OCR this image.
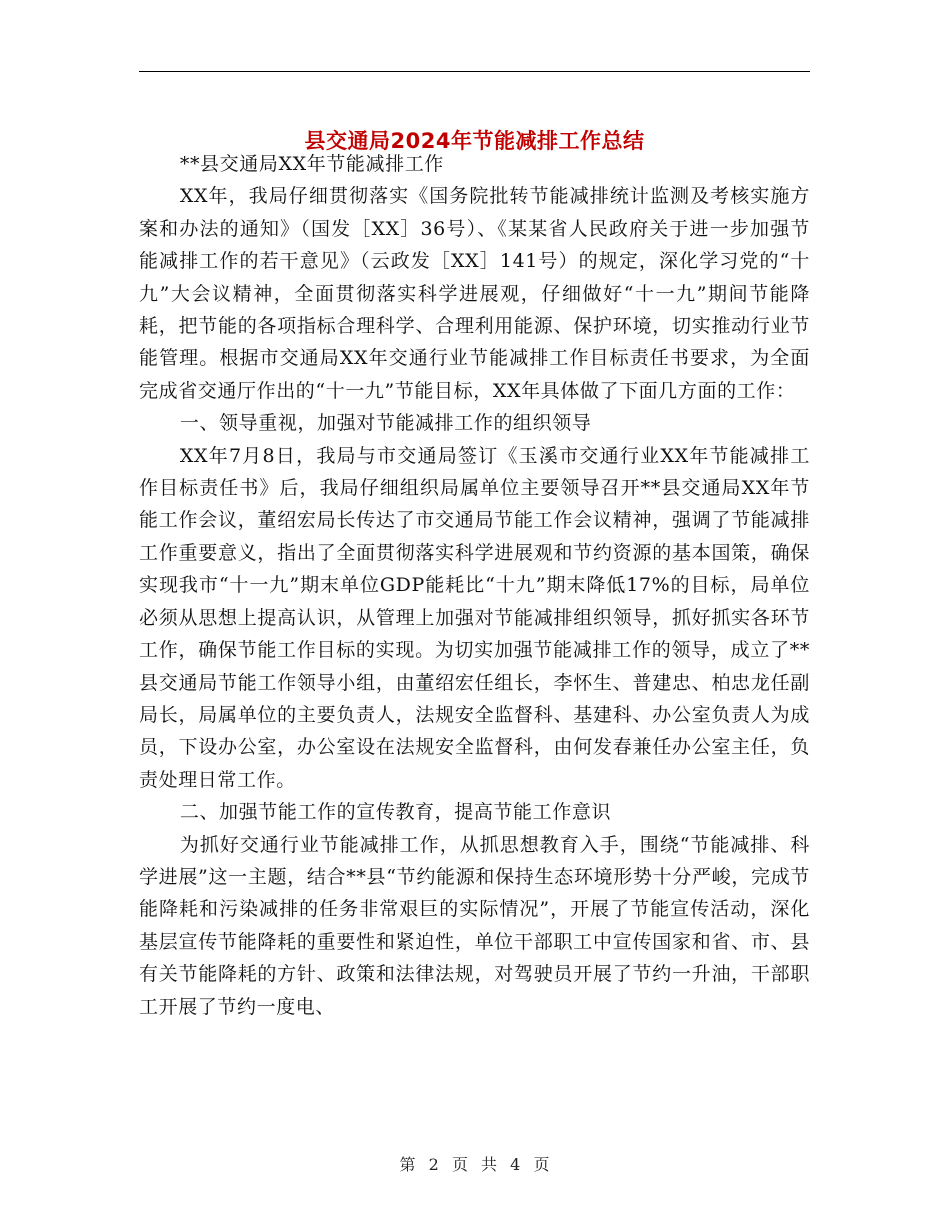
县交通局2024年节能减排工作总结

**县交通局XX年节能减排工作

XX年，我局仔细贯彻落实《国务院批转节能减排统计监测及考核实施方案和办法的通知》（国发［XX］36号）、《某某省人民政府关于进一步加强节能减排工作的若干意见》（云政发［XX］141号）的规定，深化学习党的“十九”大会议精神，全面贯彻落实科学进展观，仔细做好“十一九”期间节能降耗，把节能的各项指标合理科学、合理利用能源、保护环境，切实推动行业节能管理。根据市交通局XX年交通行业节能减排工作目标责任书要求，为全面完成省交通厅作出的“十一九”节能目标，XX年具体做了下面几方面的工作：

一、领导重视，加强对节能减排工作的组织领导

XX年7月8日，我局与市交通局签订《玉溪市交通行业XX年节能减排工作目标责任书》后，我局仔细组织局属单位主要领导召开**县交通局XX年节能工作会议，董绍宏局长传达了市交通局节能工作会议精神，强调了节能减排工作重要意义，指出了全面贯彻落实科学进展观和节约资源的基本国策，确保实现我市“十一九”期末单位GDP能耗比“十九”期末降低17%的目标，局单位必须从思想上提高认识，从管理上加强对节能减排组织领导，抓好抓实各环节工作，确保节能工作目标的实现。为切实加强节能减排工作的领导，成立了**县交通局节能工作领导小组，由董绍宏任组长，李怀生、普建忠、柏忠龙任副局长，局属单位的主要负责人，法规安全监督科、基建科、办公室负责人为成员，下设办公室，办公室设在法规安全监督科，由何发春兼任办公室主任，负责处理日常工作。

二、加强节能工作的宣传教育，提高节能工作意识

为抓好交通行业节能减排工作，从抓思想教育入手，围绕“节能减排、科学进展”这一主题，结合**县“节约能源和保持生态环境形势十分严峻，完成节能降耗和污染减排的任务非常艰巨的实际情况”，开展了节能宣传活动，深化基层宣传节能降耗的重要性和紧迫性，单位干部职工中宣传国家和省、市、县有关节能降耗的方针、政策和法律法规，对驾驶员开展了节约一升油，干部职工开展了节约一度电、

第 2 页 共 4 页
